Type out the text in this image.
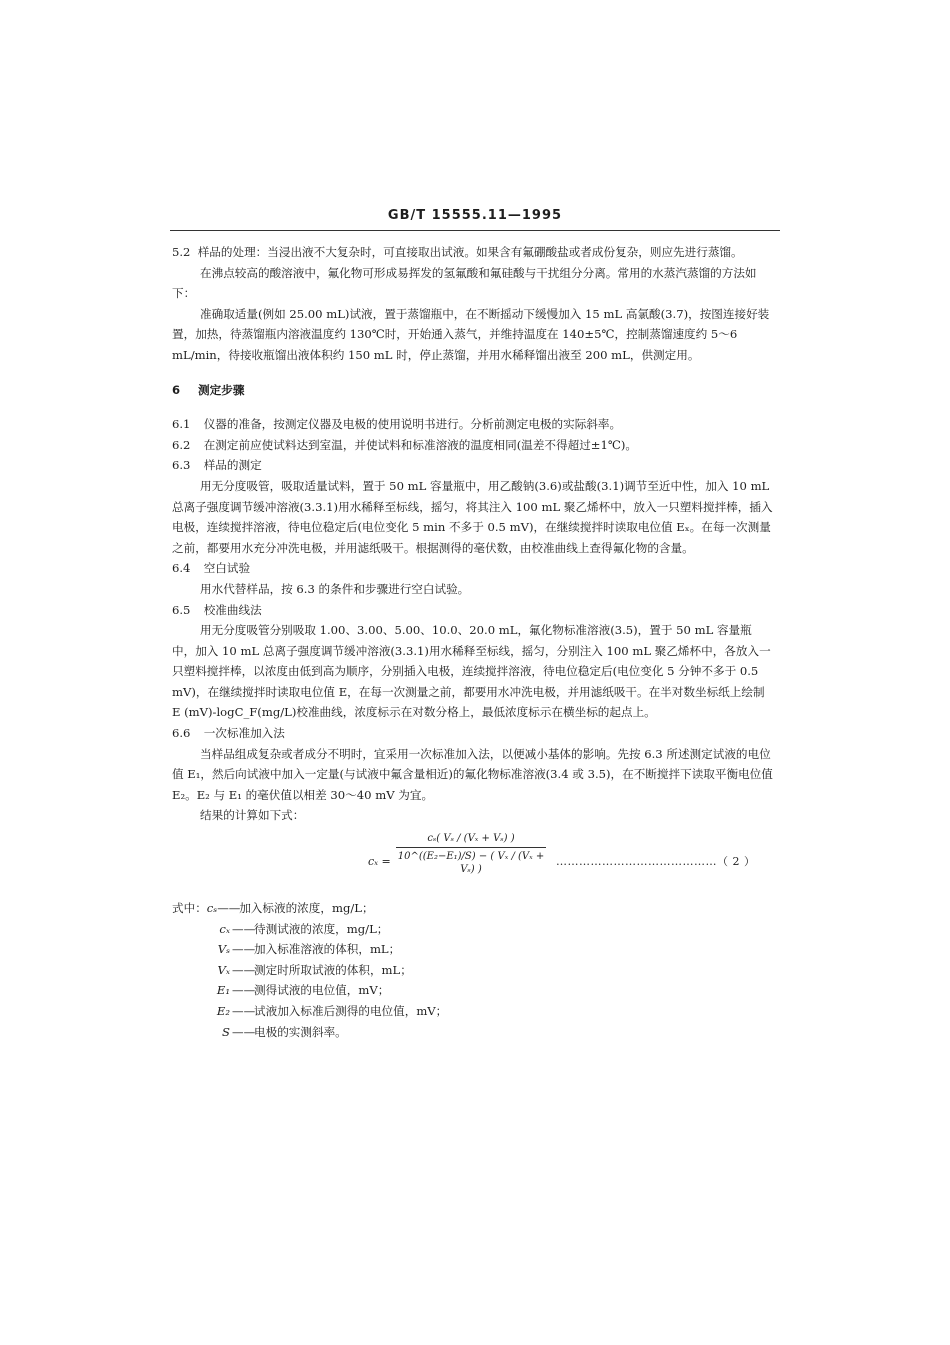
GB/T 15555.11—1995

5.2 样品的处理：当浸出液不大复杂时，可直接取出试液。如果含有氟硼酸盐或者成份复杂，则应先进行蒸馏。

在沸点较高的酸溶液中，氟化物可形成易挥发的氢氟酸和氟硅酸与干扰组分分离。常用的水蒸汽蒸馏的方法如下：

准确取适量(例如 25.00 mL)试液，置于蒸馏瓶中，在不断摇动下缓慢加入 15 mL 高氯酸(3.7)，按图连接好装置，加热，待蒸馏瓶内溶液温度约 130℃时，开始通入蒸气，并维持温度在 140±5℃，控制蒸馏速度约 5～6 mL/min，待接收瓶馏出液体积约 150 mL 时，停止蒸馏，并用水稀释馏出液至 200 mL，供测定用。

6 测定步骤

6.1 仪器的准备，按测定仪器及电极的使用说明书进行。分析前测定电极的实际斜率。

6.2 在测定前应使试料达到室温，并使试料和标准溶液的温度相同(温差不得超过±1℃)。

6.3 样品的测定

用无分度吸管，吸取适量试料，置于 50 mL 容量瓶中，用乙酸钠(3.6)或盐酸(3.1)调节至近中性，加入 10 mL 总离子强度调节缓冲溶液(3.3.1)用水稀释至标线，摇匀，将其注入 100 mL 聚乙烯杯中，放入一只塑料搅拌棒，插入电极，连续搅拌溶液，待电位稳定后(电位变化 5 min 不多于 0.5 mV)，在继续搅拌时读取电位值 Eₓ。在每一次测量之前，都要用水充分冲洗电极，并用滤纸吸干。根据测得的毫伏数，由校准曲线上查得氟化物的含量。

6.4 空白试验

用水代替样品，按 6.3 的条件和步骤进行空白试验。

6.5 校准曲线法

用无分度吸管分别吸取 1.00、3.00、5.00、10.0、20.0 mL，氟化物标准溶液(3.5)，置于 50 mL 容量瓶中，加入 10 mL 总离子强度调节缓冲溶液(3.3.1)用水稀释至标线，摇匀，分别注入 100 mL 聚乙烯杯中，各放入一只塑料搅拌棒，以浓度由低到高为顺序，分别插入电极，连续搅拌溶液，待电位稳定后(电位变化 5 分钟不多于 0.5 mV)，在继续搅拌时读取电位值 E，在每一次测量之前，都要用水冲洗电极，并用滤纸吸干。在半对数坐标纸上绘制 E (mV)-logC_F(mg/L)校准曲线，浓度标示在对数分格上，最低浓度标示在横坐标的起点上。

6.6 一次标准加入法

当样品组成复杂或者成分不明时，宜采用一次标准加入法，以便减小基体的影响。先按 6.3 所述测定试液的电位值 E₁，然后向试液中加入一定量(与试液中氟含量相近)的氟化物标准溶液(3.4 或 3.5)，在不断搅拌下读取平衡电位值 E₂。E₂ 与 E₁ 的毫伏值以相差 30～40 mV 为宜。

结果的计算如下式：

$c_x = \frac{\text{cₛ( Vₛ / (Vₓ + Vₛ) )}}{\text{10\textasciicircum{}((E₂−E₁)/S) − ( Vₓ / (Vₓ + Vₛ) )}}$ ……………………………………（ 2 ）

式中：cₛ——加入标液的浓度，mg/L；

cₓ ——待测试液的浓度，mg/L；

Vₛ ——加入标准溶液的体积，mL；

Vₓ ——测定时所取试液的体积，mL；

E₁ ——测得试液的电位值，mV；

E₂ ——试液加入标准后测得的电位值，mV；

S ——电极的实测斜率。
